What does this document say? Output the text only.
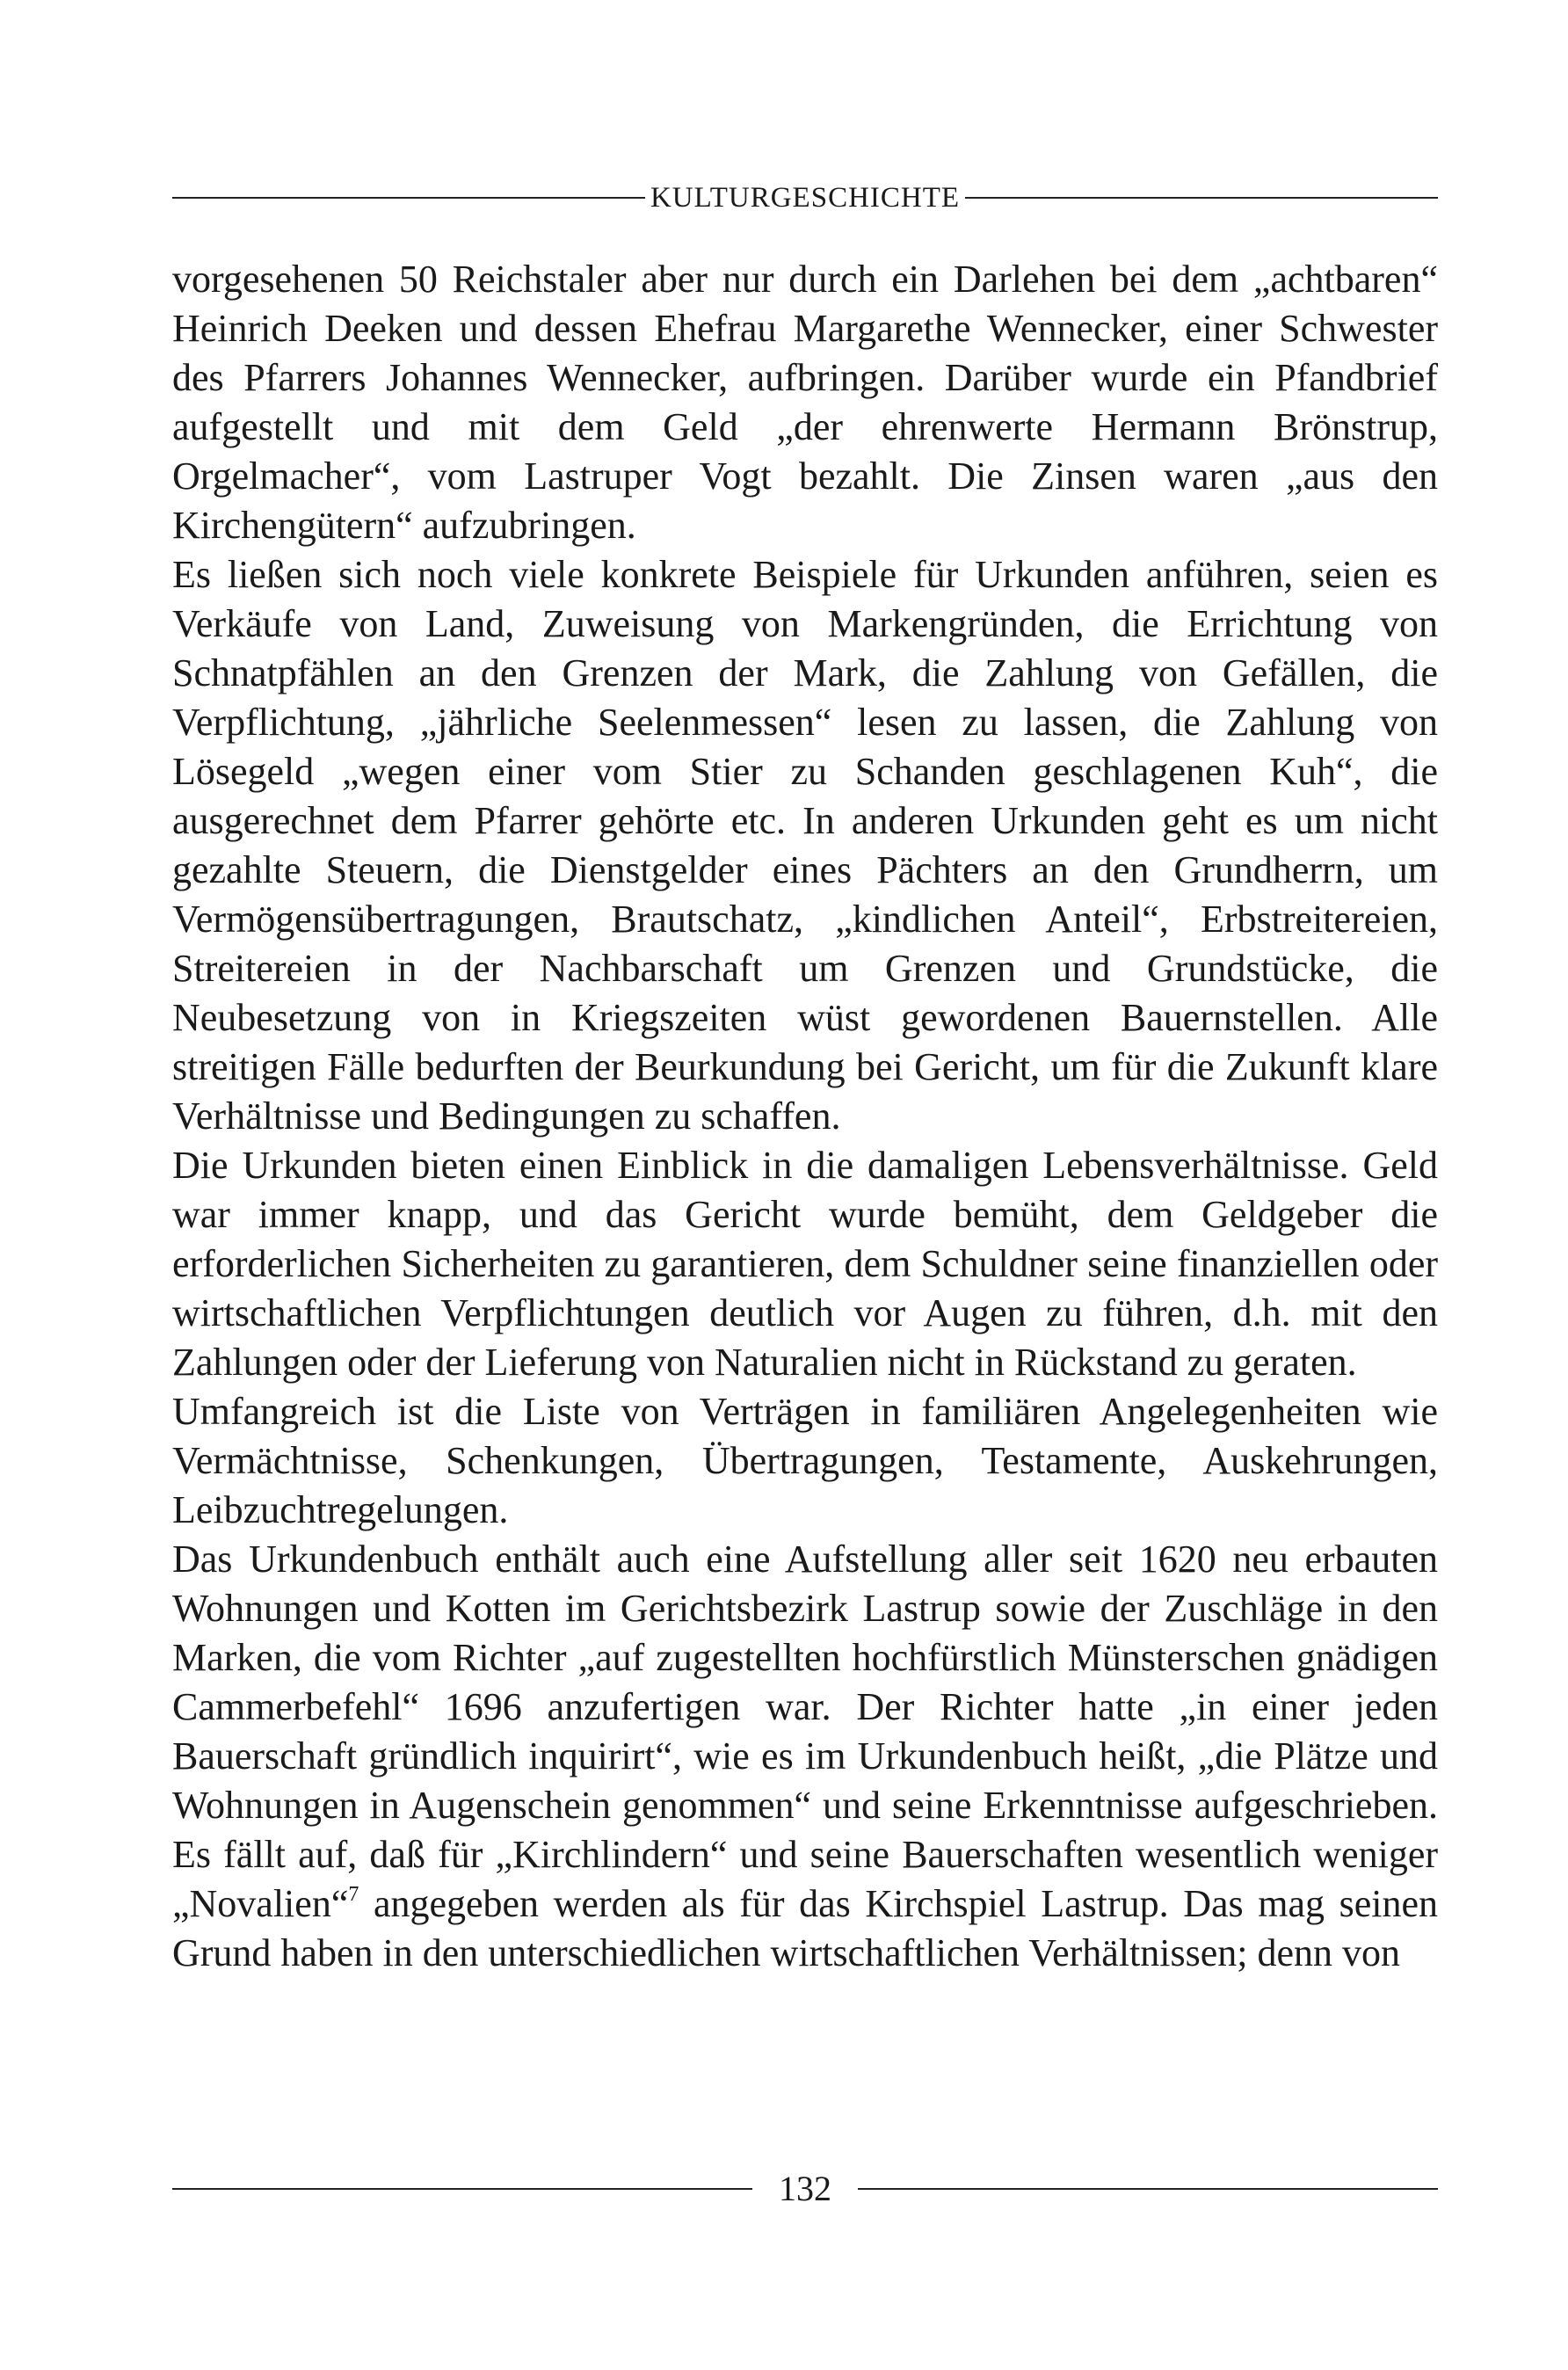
KULTURGESCHICHTE

vorgesehenen 50 Reichstaler aber nur durch ein Darlehen bei dem „achtbaren“ Heinrich Deeken und dessen Ehefrau Margarethe Wennecker, einer Schwester des Pfarrers Johannes Wennecker, aufbringen. Darüber wurde ein Pfandbrief aufgestellt und mit dem Geld „der ehrenwerte Hermann Brönstrup, Orgelmacher“, vom Lastruper Vogt bezahlt. Die Zinsen waren „aus den Kirchengütern“ aufzubringen.

Es ließen sich noch viele konkrete Beispiele für Urkunden anführen, seien es Verkäufe von Land, Zuweisung von Markengründen, die Errichtung von Schnatpfählen an den Grenzen der Mark, die Zahlung von Gefällen, die Verpflichtung, „jährliche Seelenmessen“ lesen zu lassen, die Zahlung von Lösegeld „wegen einer vom Stier zu Schanden geschlagenen Kuh“, die ausgerechnet dem Pfarrer gehörte etc. In anderen Urkunden geht es um nicht gezahlte Steuern, die Dienstgelder eines Pächters an den Grundherrn, um Vermögensübertragungen, Brautschatz, „kindlichen Anteil“, Erbstreitereien, Streitereien in der Nachbarschaft um Grenzen und Grundstücke, die Neubesetzung von in Kriegszeiten wüst gewordenen Bauernstellen. Alle streitigen Fälle bedurften der Beurkundung bei Gericht, um für die Zukunft klare Verhältnisse und Bedingungen zu schaffen.

Die Urkunden bieten einen Einblick in die damaligen Lebensverhältnisse. Geld war immer knapp, und das Gericht wurde bemüht, dem Geldgeber die erforderlichen Sicherheiten zu garantieren, dem Schuldner seine finanziellen oder wirtschaftlichen Verpflichtungen deutlich vor Augen zu führen, d.h. mit den Zahlungen oder der Lieferung von Naturalien nicht in Rückstand zu geraten.

Umfangreich ist die Liste von Verträgen in familiären Angelegenheiten wie Vermächtnisse, Schenkungen, Übertragungen, Testamente, Auskehrungen, Leibzuchtregelungen.

Das Urkundenbuch enthält auch eine Aufstellung aller seit 1620 neu erbauten Wohnungen und Kotten im Gerichtsbezirk Lastrup sowie der Zuschläge in den Marken, die vom Richter „auf zugestellten hochfürstlich Münsterschen gnädigen Cammerbefehl“ 1696 anzufertigen war. Der Richter hatte „in einer jeden Bauerschaft gründlich inquirirt“, wie es im Urkundenbuch heißt, „die Plätze und Wohnungen in Augenschein genommen“ und seine Erkenntnisse aufgeschrieben. Es fällt auf, daß für „Kirchlindern“ und seine Bauerschaften wesentlich weniger „Novalien“$^7$ angegeben werden als für das Kirchspiel Lastrup. Das mag seinen Grund haben in den unterschiedlichen wirtschaftlichen Verhältnissen; denn von

132
